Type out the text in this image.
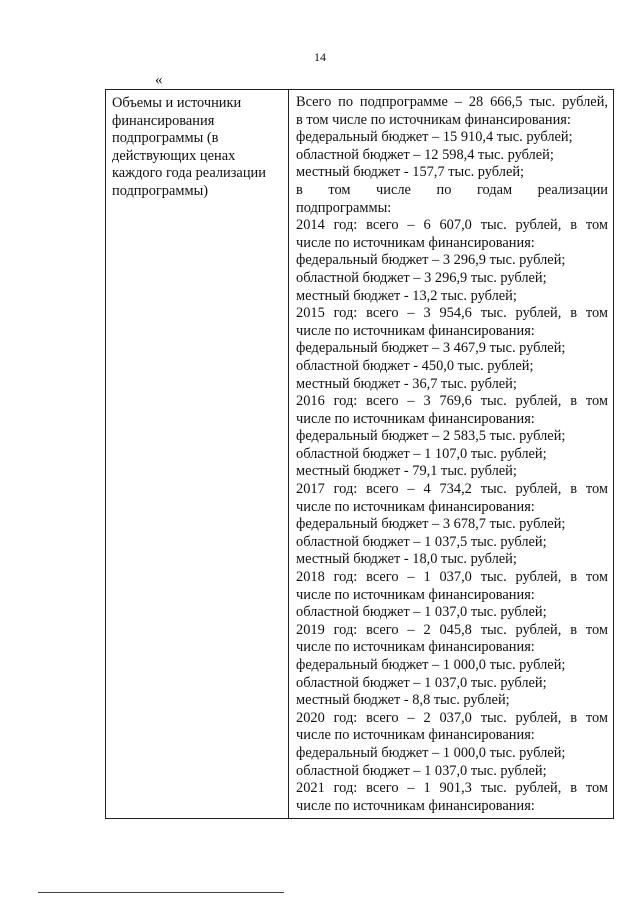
14
«
Объемы и источники
финансирования
подпрограммы (в
действующих ценах
каждого года реализации
подпрограммы)
Всего по подпрограмме – 28 666,5 тыс. рублей,
в том числе по источникам финансирования:
федеральный бюджет – 15 910,4 тыс. рублей;
областной бюджет – 12 598,4 тыс. рублей;
местный бюджет - 157,7 тыс. рублей;
в том числе по годам реализации
подпрограммы:
2014 год: всего – 6 607,0 тыс. рублей, в том
числе по источникам финансирования:
федеральный бюджет – 3 296,9 тыс. рублей;
областной бюджет – 3 296,9 тыс. рублей;
местный бюджет - 13,2 тыс. рублей;
2015 год: всего – 3 954,6 тыс. рублей, в том
числе по источникам финансирования:
федеральный бюджет – 3 467,9 тыс. рублей;
областной бюджет - 450,0 тыс. рублей;
местный бюджет - 36,7 тыс. рублей;
2016 год: всего – 3 769,6 тыс. рублей, в том
числе по источникам финансирования:
федеральный бюджет – 2 583,5 тыс. рублей;
областной бюджет – 1 107,0 тыс. рублей;
местный бюджет - 79,1 тыс. рублей;
2017 год: всего – 4 734,2 тыс. рублей, в том
числе по источникам финансирования:
федеральный бюджет – 3 678,7 тыс. рублей;
областной бюджет – 1 037,5 тыс. рублей;
местный бюджет - 18,0 тыс. рублей;
2018 год: всего – 1 037,0 тыс. рублей, в том
числе по источникам финансирования:
областной бюджет – 1 037,0 тыс. рублей;
2019 год: всего – 2 045,8 тыс. рублей, в том
числе по источникам финансирования:
федеральный бюджет – 1 000,0 тыс. рублей;
областной бюджет – 1 037,0 тыс. рублей;
местный бюджет - 8,8 тыс. рублей;
2020 год: всего – 2 037,0 тыс. рублей, в том
числе по источникам финансирования:
федеральный бюджет – 1 000,0 тыс. рублей;
областной бюджет – 1 037,0 тыс. рублей;
2021 год: всего – 1 901,3 тыс. рублей, в том
числе по источникам финансирования:
